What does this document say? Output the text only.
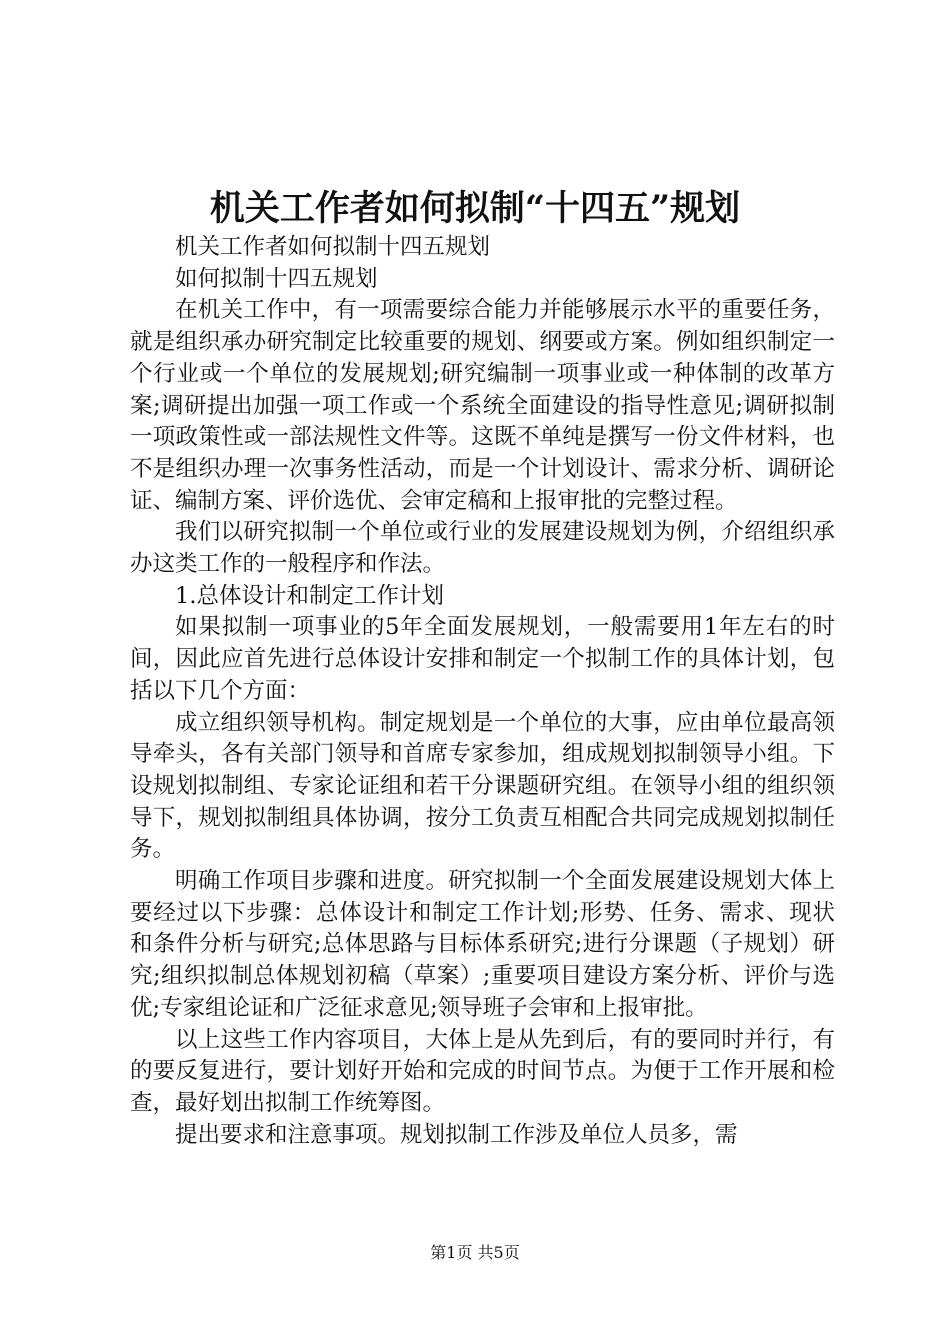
机关工作者如何拟制“十四五”规划

机关工作者如何拟制十四五规划

如何拟制十四五规划

在机关工作中，有一项需要综合能力并能够展示水平的重要任务，就是组织承办研究制定比较重要的规划、纲要或方案。例如组织制定一个行业或一个单位的发展规划;研究编制一项事业或一种体制的改革方案;调研提出加强一项工作或一个系统全面建设的指导性意见;调研拟制一项政策性或一部法规性文件等。这既不单纯是撰写一份文件材料，也不是组织办理一次事务性活动，而是一个计划设计、需求分析、调研论证、编制方案、评价选优、会审定稿和上报审批的完整过程。

我们以研究拟制一个单位或行业的发展建设规划为例，介绍组织承办这类工作的一般程序和作法。

1.总体设计和制定工作计划

如果拟制一项事业的5年全面发展规划，一般需要用1年左右的时间，因此应首先进行总体设计安排和制定一个拟制工作的具体计划，包括以下几个方面：

成立组织领导机构。制定规划是一个单位的大事，应由单位最高领导牵头，各有关部门领导和首席专家参加，组成规划拟制领导小组。下设规划拟制组、专家论证组和若干分课题研究组。在领导小组的组织领导下，规划拟制组具体协调，按分工负责互相配合共同完成规划拟制任务。

明确工作项目步骤和进度。研究拟制一个全面发展建设规划大体上要经过以下步骤：总体设计和制定工作计划;形势、任务、需求、现状和条件分析与研究;总体思路与目标体系研究;进行分课题（子规划）研究;组织拟制总体规划初稿（草案）;重要项目建设方案分析、评价与选优;专家组论证和广泛征求意见;领导班子会审和上报审批。

以上这些工作内容项目，大体上是从先到后，有的要同时并行，有的要反复进行，要计划好开始和完成的时间节点。为便于工作开展和检查，最好划出拟制工作统筹图。

提出要求和注意事项。规划拟制工作涉及单位人员多，需

第1页 共5页
